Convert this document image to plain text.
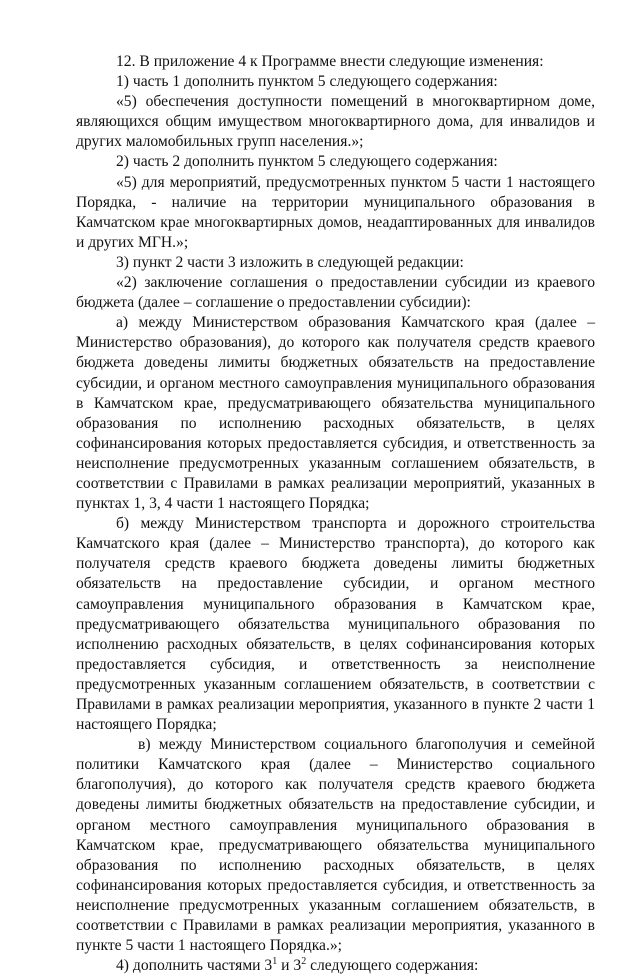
12. В приложение 4 к Программе внести следующие изменения:

1) часть 1 дополнить пунктом 5 следующего содержания:

«5) обеспечения доступности помещений в многоквартирном доме, являющихся общим имуществом многоквартирного дома, для инвалидов и других маломобильных групп населения.»;

2) часть 2 дополнить пунктом 5 следующего содержания:

«5) для мероприятий, предусмотренных пунктом 5 части 1 настоящего Порядка, - наличие на территории муниципального образования в Камчатском крае многоквартирных домов, неадаптированных для инвалидов и других МГН.»;

3) пункт 2 части 3 изложить в следующей редакции:

«2) заключение соглашения о предоставлении субсидии из краевого бюджета (далее – соглашение о предоставлении субсидии):

а) между Министерством образования Камчатского края (далее – Министерство образования), до которого как получателя средств краевого бюджета доведены лимиты бюджетных обязательств на предоставление субсидии, и органом местного самоуправления муниципального образования в Камчатском крае, предусматривающего обязательства муниципального образования по исполнению расходных обязательств, в целях софинансирования которых предоставляется субсидия, и ответственность за неисполнение предусмотренных указанным соглашением обязательств, в соответствии с Правилами в рамках реализации мероприятий, указанных в пунктах 1, 3, 4 части 1 настоящего Порядка;

б) между Министерством транспорта и дорожного строительства Камчатского края (далее – Министерство транспорта), до которого как получателя средств краевого бюджета доведены лимиты бюджетных обязательств на предоставление субсидии, и органом местного самоуправления муниципального образования в Камчатском крае, предусматривающего обязательства муниципального образования по исполнению расходных обязательств, в целях софинансирования которых предоставляется субсидия, и ответственность за неисполнение предусмотренных указанным соглашением обязательств, в соответствии с Правилами в рамках реализации мероприятия, указанного в пункте 2 части 1 настоящего Порядка;

в) между Министерством социального благополучия и семейной политики Камчатского края (далее – Министерство социального благополучия), до которого как получателя средств краевого бюджета доведены лимиты бюджетных обязательств на предоставление субсидии, и органом местного самоуправления муниципального образования в Камчатском крае, предусматривающего обязательства муниципального образования по исполнению расходных обязательств, в целях софинансирования которых предоставляется субсидия, и ответственность за неисполнение предусмотренных указанным соглашением обязательств, в соответствии с Правилами в рамках реализации мероприятия, указанного в пункте 5 части 1 настоящего Порядка.»;

4) дополнить частями $3^1$ и $3^2$ следующего содержания:
